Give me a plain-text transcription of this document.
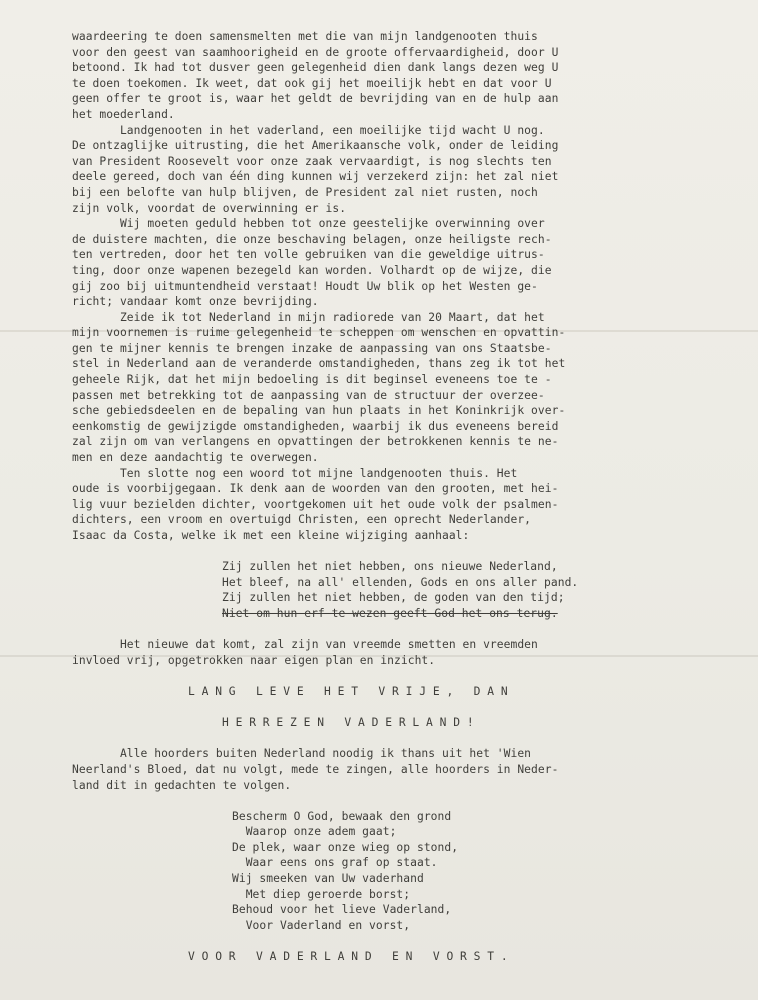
waardeering te doen samensmelten met die van mijn landgenooten thuis
voor den geest van saamhoorigheid en de groote offervaardigheid, door U
betoond. Ik had tot dusver geen gelegenheid dien dank langs dezen weg U
te doen toekomen. Ik weet, dat ook gij het moeilijk hebt en dat voor U
geen offer te groot is, waar het geldt de bevrijding van en de hulp aan
het moederland.
Landgenooten in het vaderland, een moeilijke tijd wacht U nog.
De ontzaglijke uitrusting, die het Amerikaansche volk, onder de leiding
van President Roosevelt voor onze zaak vervaardigt, is nog slechts ten
deele gereed, doch van één ding kunnen wij verzekerd zijn: het zal niet
bij een belofte van hulp blijven, de President zal niet rusten, noch
zijn volk, voordat de overwinning er is.
Wij moeten geduld hebben tot onze geestelijke overwinning over
de duistere machten, die onze beschaving belagen, onze heiligste rech-
ten vertreden, door het ten volle gebruiken van die geweldige uitrus-
ting, door onze wapenen bezegeld kan worden. Volhardt op de wijze, die
gij zoo bij uitmuntendheid verstaat! Houdt Uw blik op het Westen ge-
richt; vandaar komt onze bevrijding.
Zeide ik tot Nederland in mijn radiorede van 20 Maart, dat het
mijn voornemen is ruime gelegenheid te scheppen om wenschen en opvattin-
gen te mijner kennis te brengen inzake de aanpassing van ons Staatsbe-
stel in Nederland aan de veranderde omstandigheden, thans zeg ik tot het
geheele Rijk, dat het mijn bedoeling is dit beginsel eveneens toe te -
passen met betrekking tot de aanpassing van de structuur der overzee-
sche gebiedsdeelen en de bepaling van hun plaats in het Koninkrijk over-
eenkomstig de gewijzigde omstandigheden, waarbij ik dus eveneens bereid
zal zijn om van verlangens en opvattingen der betrokkenen kennis te ne-
men en deze aandachtig te overwegen.
Ten slotte nog een woord tot mijne landgenooten thuis. Het
oude is voorbijgegaan. Ik denk aan de woorden van den grooten, met hei-
lig vuur bezielden dichter, voortgekomen uit het oude volk der psalmen-
dichters, een vroom en overtuigd Christen, een oprecht Nederlander,
Isaac da Costa, welke ik met een kleine wijziging aanhaal:
Zij zullen het niet hebben, ons nieuwe Nederland,
Het bleef, na all' ellenden, Gods en ons aller pand.
Zij zullen het niet hebben, de goden van den tijd;
Niet om hun erf te wezen geeft God het ons terug.
Het nieuwe dat komt, zal zijn van vreemde smetten en vreemden
invloed vrij, opgetrokken naar eigen plan en inzicht.
L A N G   L E V E   H E T   V R I J E ,   D A N
H E R R E Z E N   V A D E R L A N D !
Alle hoorders buiten Nederland noodig ik thans uit het 'Wien
Neerland's Bloed, dat nu volgt, mede te zingen, alle hoorders in Neder-
land dit in gedachten te volgen.
Bescherm O God, bewaak den grond
Waarop onze adem gaat;
De plek, waar onze wieg op stond,
Waar eens ons graf op staat.
Wij smeeken van Uw vaderhand
Met diep geroerde borst;
Behoud voor het lieve Vaderland,
Voor Vaderland en vorst,
V O O R   V A D E R L A N D   E N   V O R S T .
